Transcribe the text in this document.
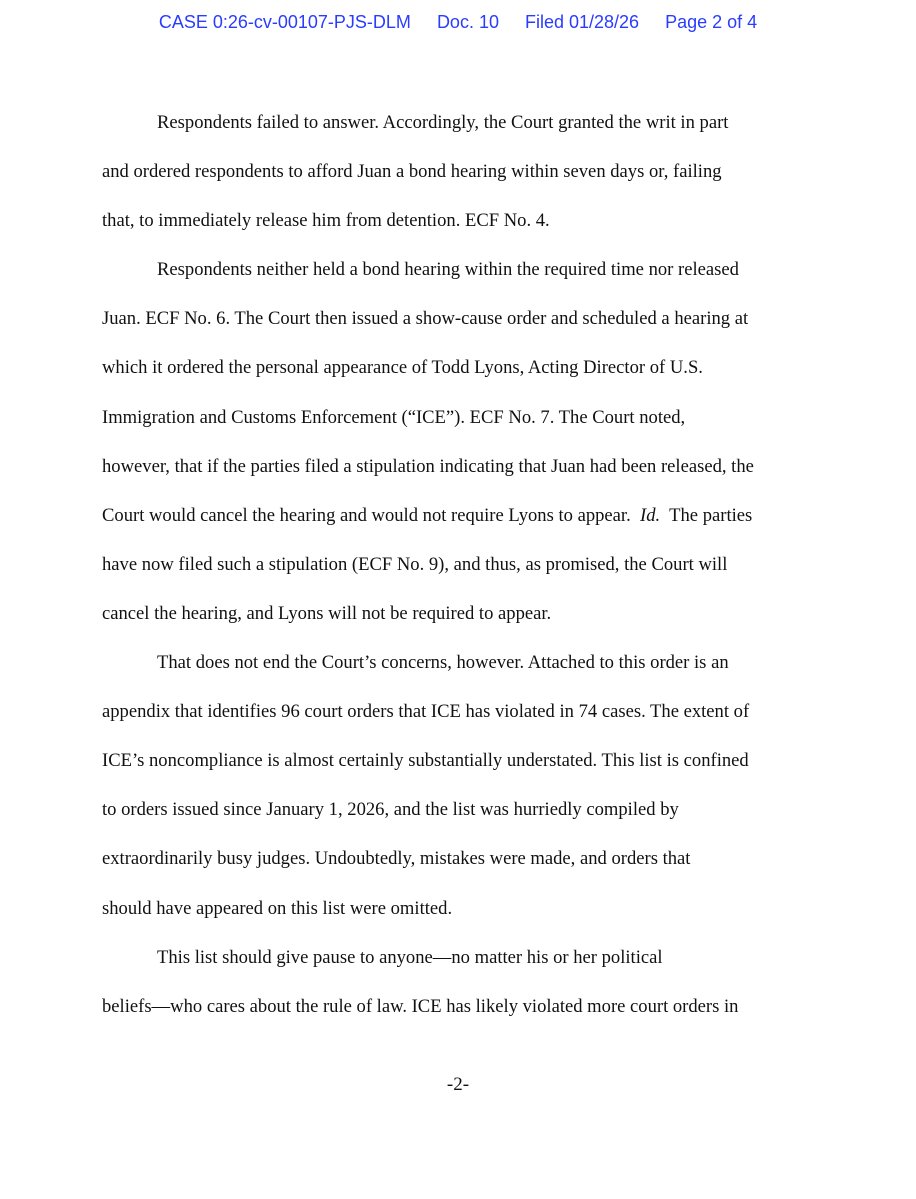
CASE 0:26-cv-00107-PJS-DLM Doc. 10 Filed 01/28/26 Page 2 of 4
Respondents failed to answer. Accordingly, the Court granted the writ in part
and ordered respondents to afford Juan a bond hearing within seven days or, failing
that, to immediately release him from detention. ECF No. 4.
Respondents neither held a bond hearing within the required time nor released
Juan. ECF No. 6. The Court then issued a show-cause order and scheduled a hearing at
which it ordered the personal appearance of Todd Lyons, Acting Director of U.S.
Immigration and Customs Enforcement (“ICE”). ECF No. 7. The Court noted,
however, that if the parties filed a stipulation indicating that Juan had been released, the
Court would cancel the hearing and would not require Lyons to appear. Id. The parties
have now filed such a stipulation (ECF No. 9), and thus, as promised, the Court will
cancel the hearing, and Lyons will not be required to appear.
That does not end the Court’s concerns, however. Attached to this order is an
appendix that identifies 96 court orders that ICE has violated in 74 cases. The extent of
ICE’s noncompliance is almost certainly substantially understated. This list is confined
to orders issued since January 1, 2026, and the list was hurriedly compiled by
extraordinarily busy judges. Undoubtedly, mistakes were made, and orders that
should have appeared on this list were omitted.
This list should give pause to anyone—no matter his or her political
beliefs—who cares about the rule of law. ICE has likely violated more court orders in
-2-
